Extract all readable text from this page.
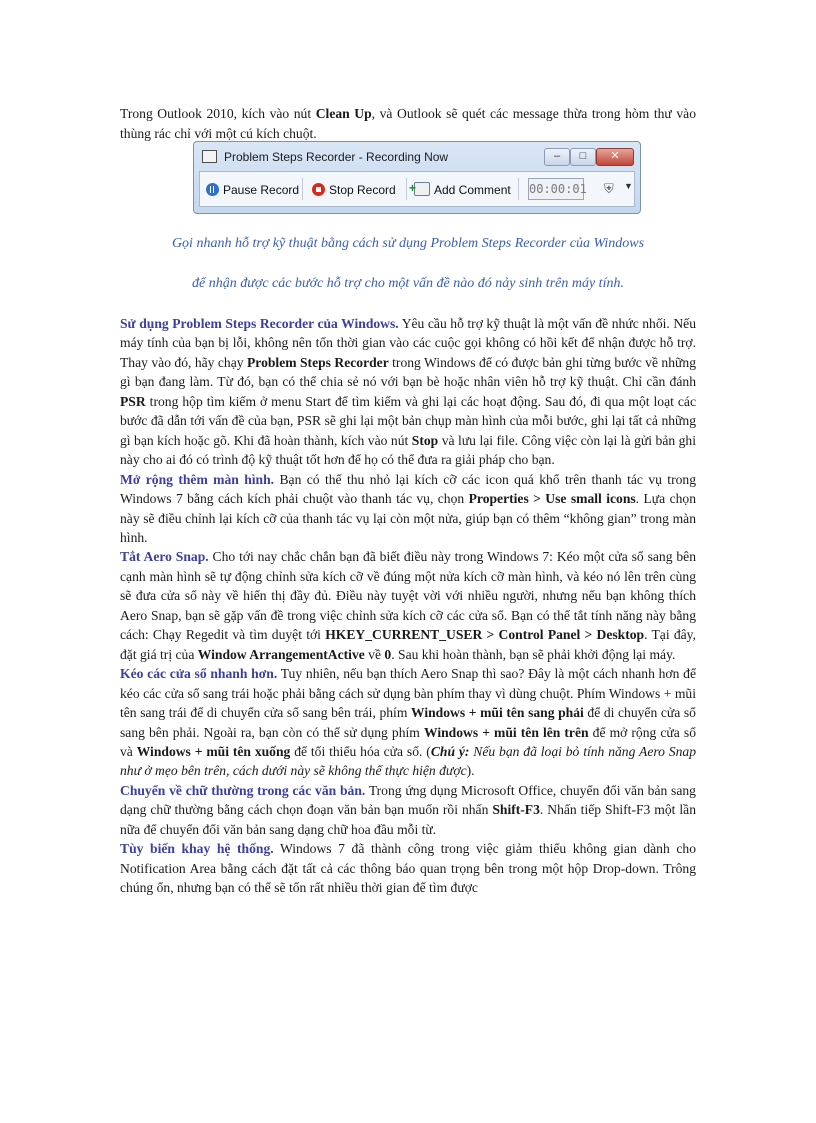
Trong Outlook 2010, kích vào nút Clean Up, và Outlook sẽ quét các message thừa trong hòm thư vào thùng rác chỉ với một cú kích chuột.

Problem Steps Recorder - Recording Now	–	□	✕
Pause Record	Stop Record
+	Add Comment 00:00:01 ⛨ ▼
Gọi nhanh hỗ trợ kỹ thuật bằng cách sử dụng Problem Steps Recorder của Windows
để nhận được các bước hỗ trợ cho một vấn đề nào đó nảy sinh trên máy tính.

Sử dụng Problem Steps Recorder của Windows. Yêu cầu hỗ trợ kỹ thuật là một vấn đề nhức nhối. Nếu máy tính của bạn bị lỗi, không nên tốn thời gian vào các cuộc gọi không có hồi kết để nhận được hỗ trợ. Thay vào đó, hãy chạy Problem Steps Recorder trong Windows để có được bản ghi từng bước về những gì bạn đang làm. Từ đó, bạn có thể chia sẻ nó với bạn bè hoặc nhân viên hỗ trợ kỹ thuật. Chỉ cần đánh PSR trong hộp tìm kiếm ở menu Start để tìm kiếm và ghi lại các hoạt động. Sau đó, đi qua một loạt các bước đã dẫn tới vấn đề của bạn, PSR sẽ ghi lại một bản chụp màn hình của mỗi bước, ghi lại tất cả những gì bạn kích hoặc gõ. Khi đã hoàn thành, kích vào nút Stop và lưu lại file. Công việc còn lại là gửi bản ghi này cho ai đó có trình độ kỹ thuật tốt hơn để họ có thể đưa ra giải pháp cho bạn.

Mở rộng thêm màn hình. Bạn có thể thu nhỏ lại kích cỡ các icon quá khổ trên thanh tác vụ trong Windows 7 bằng cách kích phải chuột vào thanh tác vụ, chọn Properties > Use small icons. Lựa chọn này sẽ điều chỉnh lại kích cỡ của thanh tác vụ lại còn một nửa, giúp bạn có thêm “không gian” trong màn hình.

Tắt Aero Snap. Cho tới nay chắc chắn bạn đã biết điều này trong Windows 7: Kéo một cửa sổ sang bên cạnh màn hình sẽ tự động chỉnh sửa kích cỡ về đúng một nửa kích cỡ màn hình, và kéo nó lên trên cùng sẽ đưa cửa sổ này về hiển thị đầy đủ. Điều này tuyệt vời với nhiều người, nhưng nếu bạn không thích Aero Snap, bạn sẽ gặp vấn đề trong việc chỉnh sửa kích cỡ các cửa sổ. Bạn có thể tắt tính năng này bằng cách: Chạy Regedit và tìm duyệt tới HKEY_CURRENT_USER > Control Panel > Desktop. Tại đây, đặt giá trị của Window ArrangementActive về 0. Sau khi hoàn thành, bạn sẽ phải khởi động lại máy.

Kéo các cửa sổ nhanh hơn. Tuy nhiên, nếu bạn thích Aero Snap thì sao? Đây là một cách nhanh hơn để kéo các cửa sổ sang trái hoặc phải bằng cách sử dụng bàn phím thay vì dùng chuột. Phím Windows + mũi tên sang trái để di chuyển cửa sổ sang bên trái, phím Windows + mũi tên sang phải để di chuyển cửa sổ sang bên phải. Ngoài ra, bạn còn có thể sử dụng phím Windows + mũi tên lên trên để mở rộng cửa sổ và Windows + mũi tên xuống để tối thiểu hóa cửa sổ. (Chú ý: Nếu bạn đã loại bỏ tính năng Aero Snap như ở mẹo bên trên, cách dưới này sẽ không thể thực hiện được).

Chuyển về chữ thường trong các văn bản. Trong ứng dụng Microsoft Office, chuyển đổi văn bản sang dạng chữ thường bằng cách chọn đoạn văn bản bạn muốn rồi nhấn Shift-F3. Nhấn tiếp Shift-F3 một lần nữa để chuyển đổi văn bản sang dạng chữ hoa đầu mỗi từ.

Tùy biến khay hệ thống. Windows 7 đã thành công trong việc giảm thiểu không gian dành cho Notification Area bằng cách đặt tất cả các thông báo quan trọng bên trong một hộp Drop-down. Trông chúng ổn, nhưng bạn có thể sẽ tốn rất nhiều thời gian để tìm được
